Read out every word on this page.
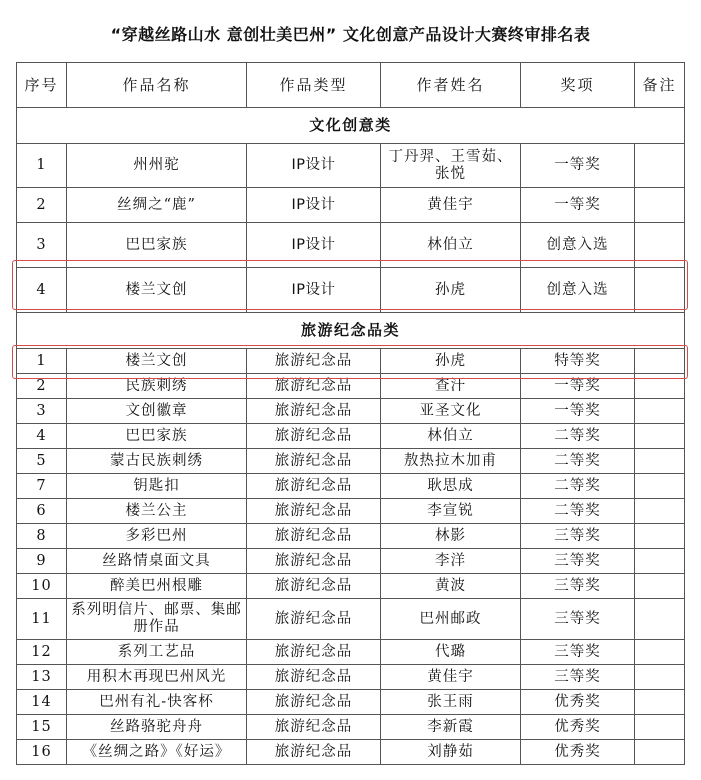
“穿越丝路山水 意创壮美巴州” 文化创意产品设计大赛终审排名表
序号	作品名称	作品类型	作者姓名	奖项	备注
文化创意类					
1	州州驼	IP设计	丁丹羿、王雪茹、张悦	一等奖	
2	丝绸之“鹿”	IP设计	黄佳宇	一等奖	
3	巴巴家族	IP设计	林伯立	创意入选	
4	楼兰文创	IP设计	孙虎	创意入选	
旅游纪念品类					
1	楼兰文创	旅游纪念品	孙虎	特等奖	
2	民族刺绣	旅游纪念品	查汗	一等奖	
3	文创徽章	旅游纪念品	亚圣文化	一等奖	
4	巴巴家族	旅游纪念品	林伯立	二等奖	
5	蒙古民族刺绣	旅游纪念品	敖热拉木加甫	二等奖	
7	钥匙扣	旅游纪念品	耿思成	二等奖	
6	楼兰公主	旅游纪念品	李宣锐	二等奖	
8	多彩巴州	旅游纪念品	林影	三等奖	
9	丝路情桌面文具	旅游纪念品	李洋	三等奖	
10	醉美巴州根雕	旅游纪念品	黄波	三等奖	
11	系列明信片、邮票、集邮册作品	旅游纪念品	巴州邮政	三等奖	
12	系列工艺品	旅游纪念品	代璐	三等奖	
13	用积木再现巴州风光	旅游纪念品	黄佳宇	三等奖	
14	巴州有礼-快客杯	旅游纪念品	张王雨	优秀奖	
15	丝路骆驼舟舟	旅游纪念品	李新霞	优秀奖	
16	《丝绸之路》《好运》	旅游纪念品	刘静茹	优秀奖	
